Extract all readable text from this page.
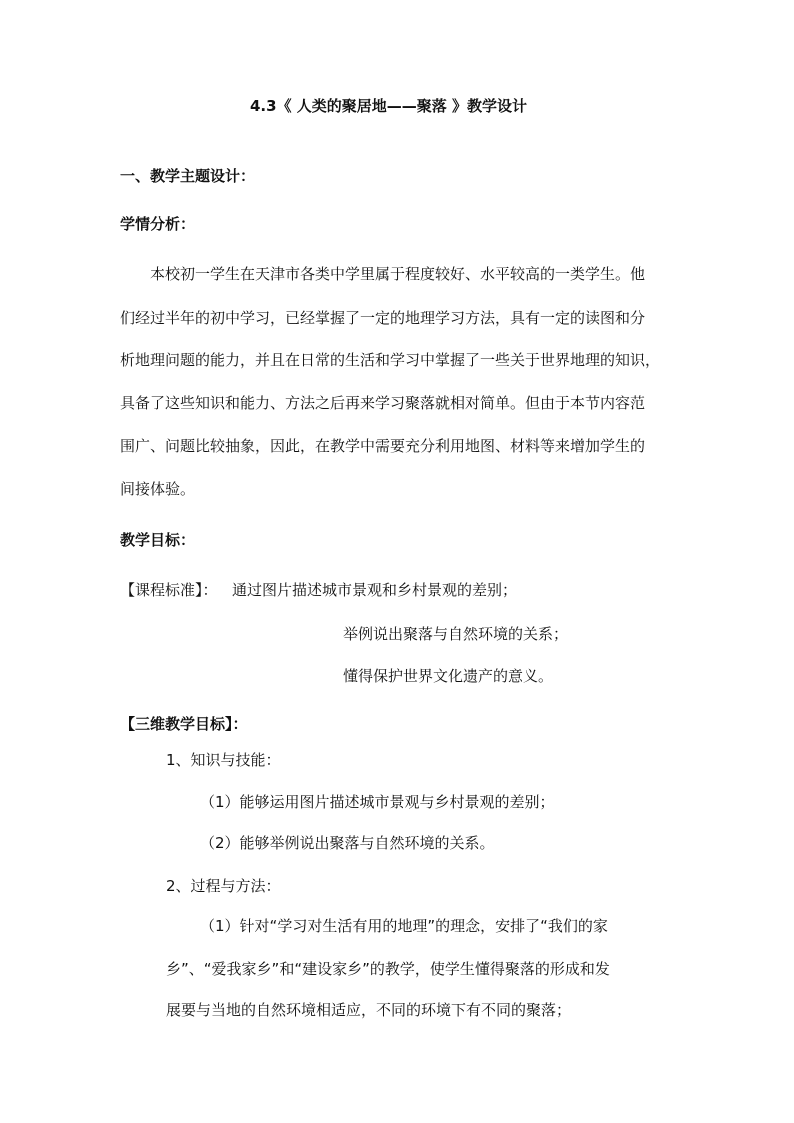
4.3《 人类的聚居地——聚落 》教学设计
一、教学主题设计：
学情分析：
本校初一学生在天津市各类中学里属于程度较好、水平较高的一类学生。他
们经过半年的初中学习，已经掌握了一定的地理学习方法，具有一定的读图和分
析地理问题的能力，并且在日常的生活和学习中掌握了一些关于世界地理的知识，
具备了这些知识和能力、方法之后再来学习聚落就相对简单。但由于本节内容范
围广、问题比较抽象，因此，在教学中需要充分利用地图、材料等来增加学生的
间接体验。
教学目标：
【课程标准】： 通过图片描述城市景观和乡村景观的差别；
举例说出聚落与自然环境的关系；
懂得保护世界文化遗产的意义。
【三维教学目标】：
1、知识与技能：
（1）能够运用图片描述城市景观与乡村景观的差别；
（2）能够举例说出聚落与自然环境的关系。
2、过程与方法：
（1）针对“学习对生活有用的地理”的理念，安排了“我们的家
乡”、“爱我家乡”和“建设家乡”的教学，使学生懂得聚落的形成和发
展要与当地的自然环境相适应，不同的环境下有不同的聚落；
